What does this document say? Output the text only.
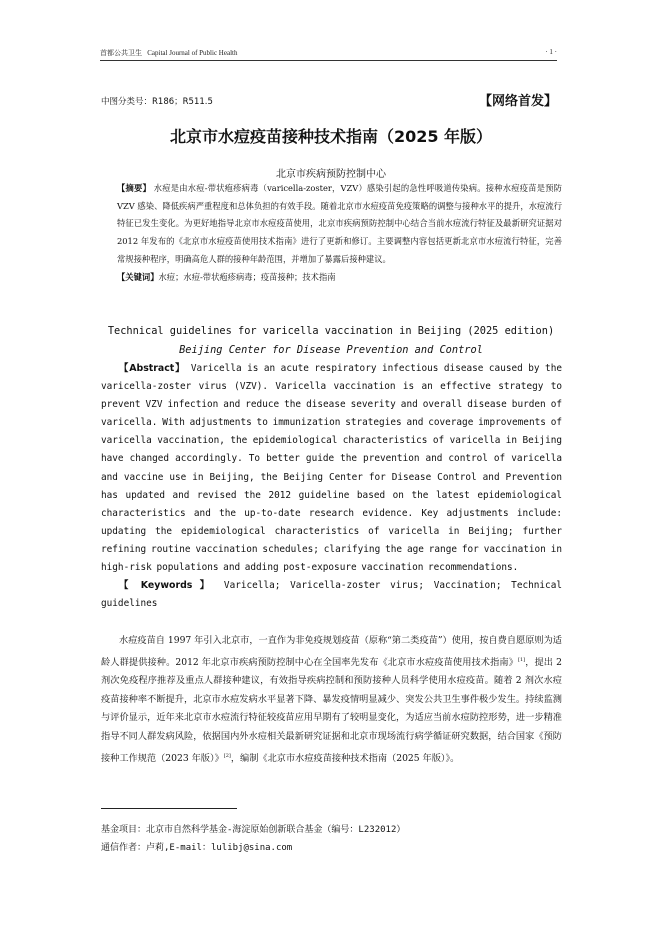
首都公共卫生 Capital Journal of Public Health	· 1 ·
中图分类号：R186；R511.5	【网络首发】
北京市水痘疫苗接种技术指南（2025 年版）
北京市疾病预防控制中心
【摘要】 水痘是由水痘-带状疱疹病毒（varicella-zoster，VZV）感染引起的急性呼吸道传染病。接种水痘疫苗是预防 VZV 感染、降低疾病严重程度和总体负担的有效手段。随着北京市水痘疫苗免疫策略的调整与接种水平的提升，水痘流行特征已发生变化。为更好地指导北京市水痘疫苗使用，北京市疾病预防控制中心结合当前水痘流行特征及最新研究证据对 2012 年发布的《北京市水痘疫苗使用技术指南》进行了更新和修订。主要调整内容包括更新北京市水痘流行特征，完善常规接种程序，明确高危人群的接种年龄范围，并增加了暴露后接种建议。
【关键词】水痘；水痘-带状疱疹病毒；疫苗接种；技术指南
Technical guidelines for varicella vaccination in Beijing (2025 edition)
Beijing Center for Disease Prevention and Control
【Abstract】 Varicella is an acute respiratory infectious disease caused by the varicella-zoster virus (VZV). Varicella vaccination is an effective strategy to prevent VZV infection and reduce the disease severity and overall disease burden of varicella. With adjustments to immunization strategies and coverage improvements of varicella vaccination, the epidemiological characteristics of varicella in Beijing have changed accordingly. To better guide the prevention and control of varicella and vaccine use in Beijing, the Beijing Center for Disease Control and Prevention has updated and revised the 2012 guideline based on the latest epidemiological characteristics and the up-to-date research evidence. Key adjustments include: updating the epidemiological characteristics of varicella in Beijing; further refining routine vaccination schedules; clarifying the age range for vaccination in high-risk populations and adding post-exposure vaccination recommendations.
【 Keywords 】 Varicella; Varicella-zoster virus; Vaccination; Technical guidelines
水痘疫苗自 1997 年引入北京市，一直作为非免疫规划疫苗（原称“第二类疫苗”）使用，按自费自愿原则为适龄人群提供接种。2012 年北京市疾病预防控制中心在全国率先发布《北京市水痘疫苗使用技术指南》[1]，提出 2 剂次免疫程序推荐及重点人群接种建议，有效指导疾病控制和预防接种人员科学使用水痘疫苗。随着 2 剂次水痘疫苗接种率不断提升，北京市水痘发病水平显著下降、暴发疫情明显减少、突发公共卫生事件极少发生。持续监测与评价显示，近年来北京市水痘流行特征较疫苗应用早期有了较明显变化，为适应当前水痘防控形势，进一步精准指导不同人群发病风险，依据国内外水痘相关最新研究证据和北京市现场流行病学循证研究数据，结合国家《预防接种工作规范（2023 年版）》[2]，编制《北京市水痘疫苗接种技术指南（2025 年版）》。
基金项目：北京市自然科学基金-海淀原始创新联合基金（编号：L232012）
通信作者：卢莉,E-mail：lulibj@sina.com
